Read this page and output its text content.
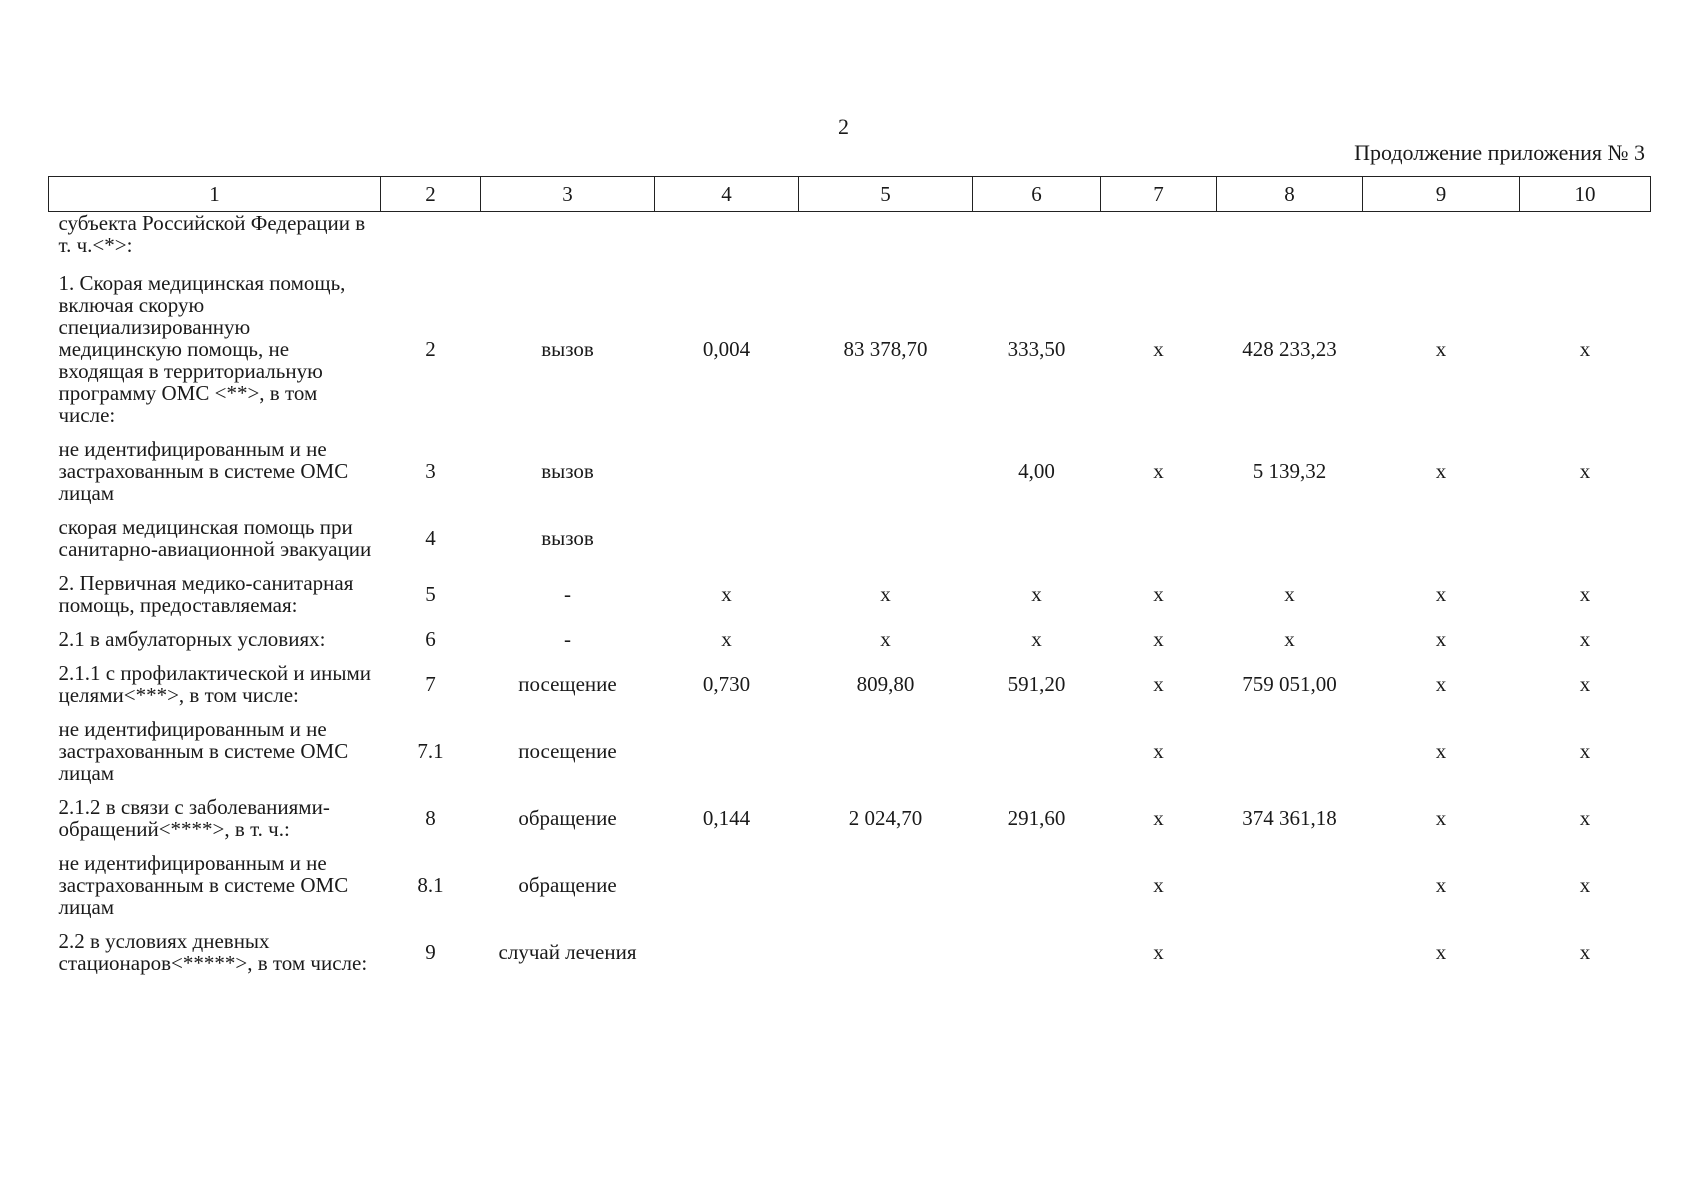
2
Продолжение приложения № 3
1	2	3	4	5	6	7	8	9	10
субъекта Российской Федерации в т. ч.<*>:									
1. Скорая медицинская помощь, включая скорую специализированную медицинскую помощь, не входящая в территориальную программу ОМС <**>, в том числе:	2	вызов	0,004	83 378,70	333,50	x	428 233,23	x	x
не идентифицированным и не застрахованным в системе ОМС лицам	3	вызов			4,00	x	5 139,32	x	x
скорая медицинская помощь при санитарно-авиационной эвакуации	4	вызов							
2. Первичная медико-санитарная помощь, предоставляемая:	5	-	x	x	x	x	x	x	x
2.1 в амбулаторных условиях:	6	-	x	x	x	x	x	x	x
2.1.1 с профилактической и иными целями<***>, в том числе:	7	посещение	0,730	809,80	591,20	x	759 051,00	x	x
не идентифицированным и не застрахованным в системе ОМС лицам	7.1	посещение				x		x	x
2.1.2 в связи с заболеваниями-обращений<****>, в т. ч.:	8	обращение	0,144	2 024,70	291,60	x	374 361,18	x	x
не идентифицированным и не застрахованным в системе ОМС лицам	8.1	обращение				x		x	x
2.2 в условиях дневных стационаров<*****>, в том числе:	9	случай лечения				x		x	x
